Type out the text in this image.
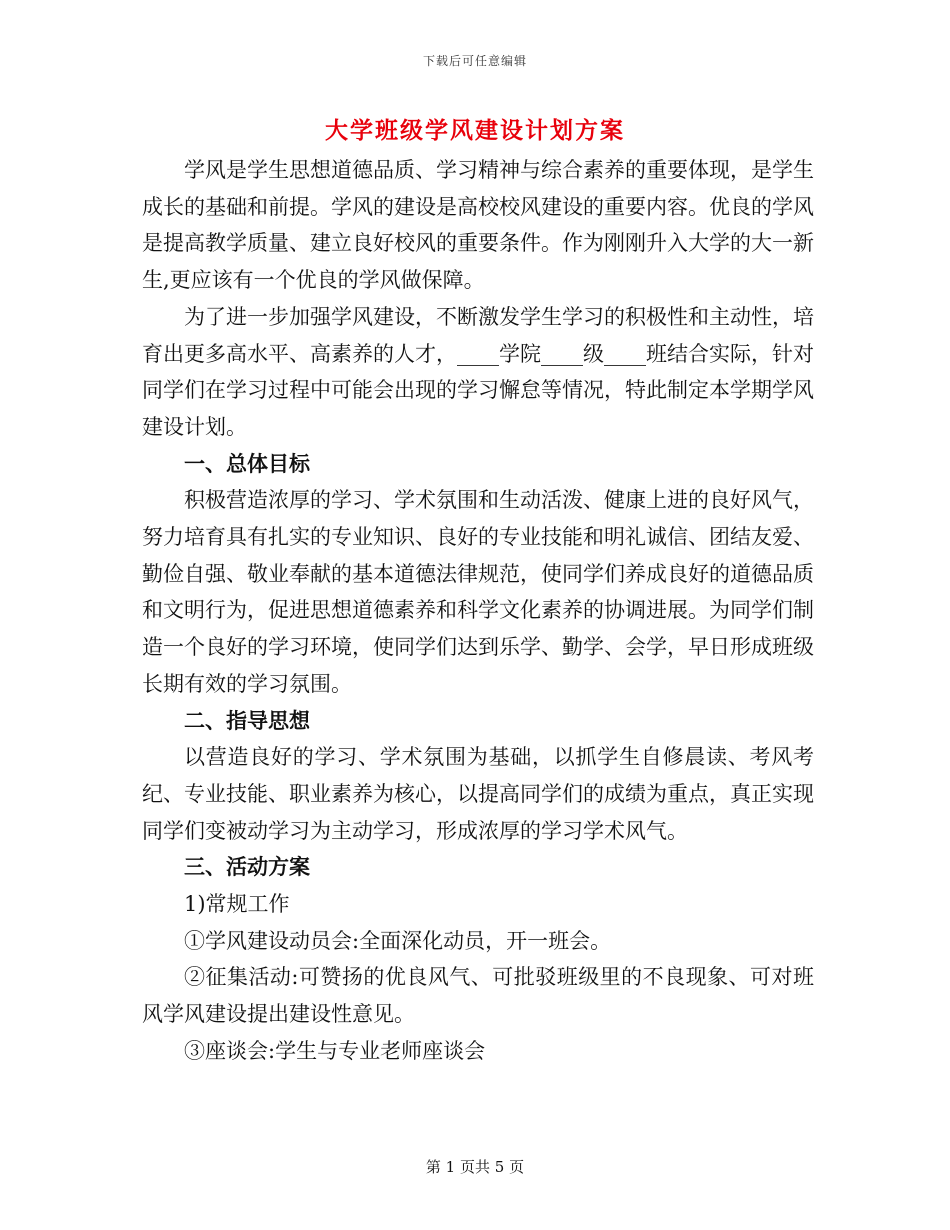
下载后可任意编辑
大学班级学风建设计划方案

学风是学生思想道德品质、学习精神与综合素养的重要体现，是学生成长的基础和前提。学风的建设是高校校风建设的重要内容。优良的学风是提高教学质量、建立良好校风的重要条件。作为刚刚升入大学的大一新生,更应该有一个优良的学风做保障。

为了进一步加强学风建设，不断激发学生学习的积极性和主动性，培育出更多高水平、高素养的人才，____学院____级____班结合实际，针对同学们在学习过程中可能会出现的学习懈怠等情况，特此制定本学期学风建设计划。

一、总体目标

积极营造浓厚的学习、学术氛围和生动活泼、健康上进的良好风气，努力培育具有扎实的专业知识、良好的专业技能和明礼诚信、团结友爱、勤俭自强、敬业奉献的基本道德法律规范，使同学们养成良好的道德品质和文明行为，促进思想道德素养和科学文化素养的协调进展。为同学们制造一个良好的学习环境，使同学们达到乐学、勤学、会学，早日形成班级长期有效的学习氛围。

二、指导思想

以营造良好的学习、学术氛围为基础，以抓学生自修晨读、考风考纪、专业技能、职业素养为核心，以提高同学们的成绩为重点，真正实现同学们变被动学习为主动学习，形成浓厚的学习学术风气。

三、活动方案

1)常规工作

①学风建设动员会:全面深化动员，开一班会。

②征集活动:可赞扬的优良风气、可批驳班级里的不良现象、可对班风学风建设提出建设性意见。

③座谈会:学生与专业老师座谈会

第 1 页共 5 页
